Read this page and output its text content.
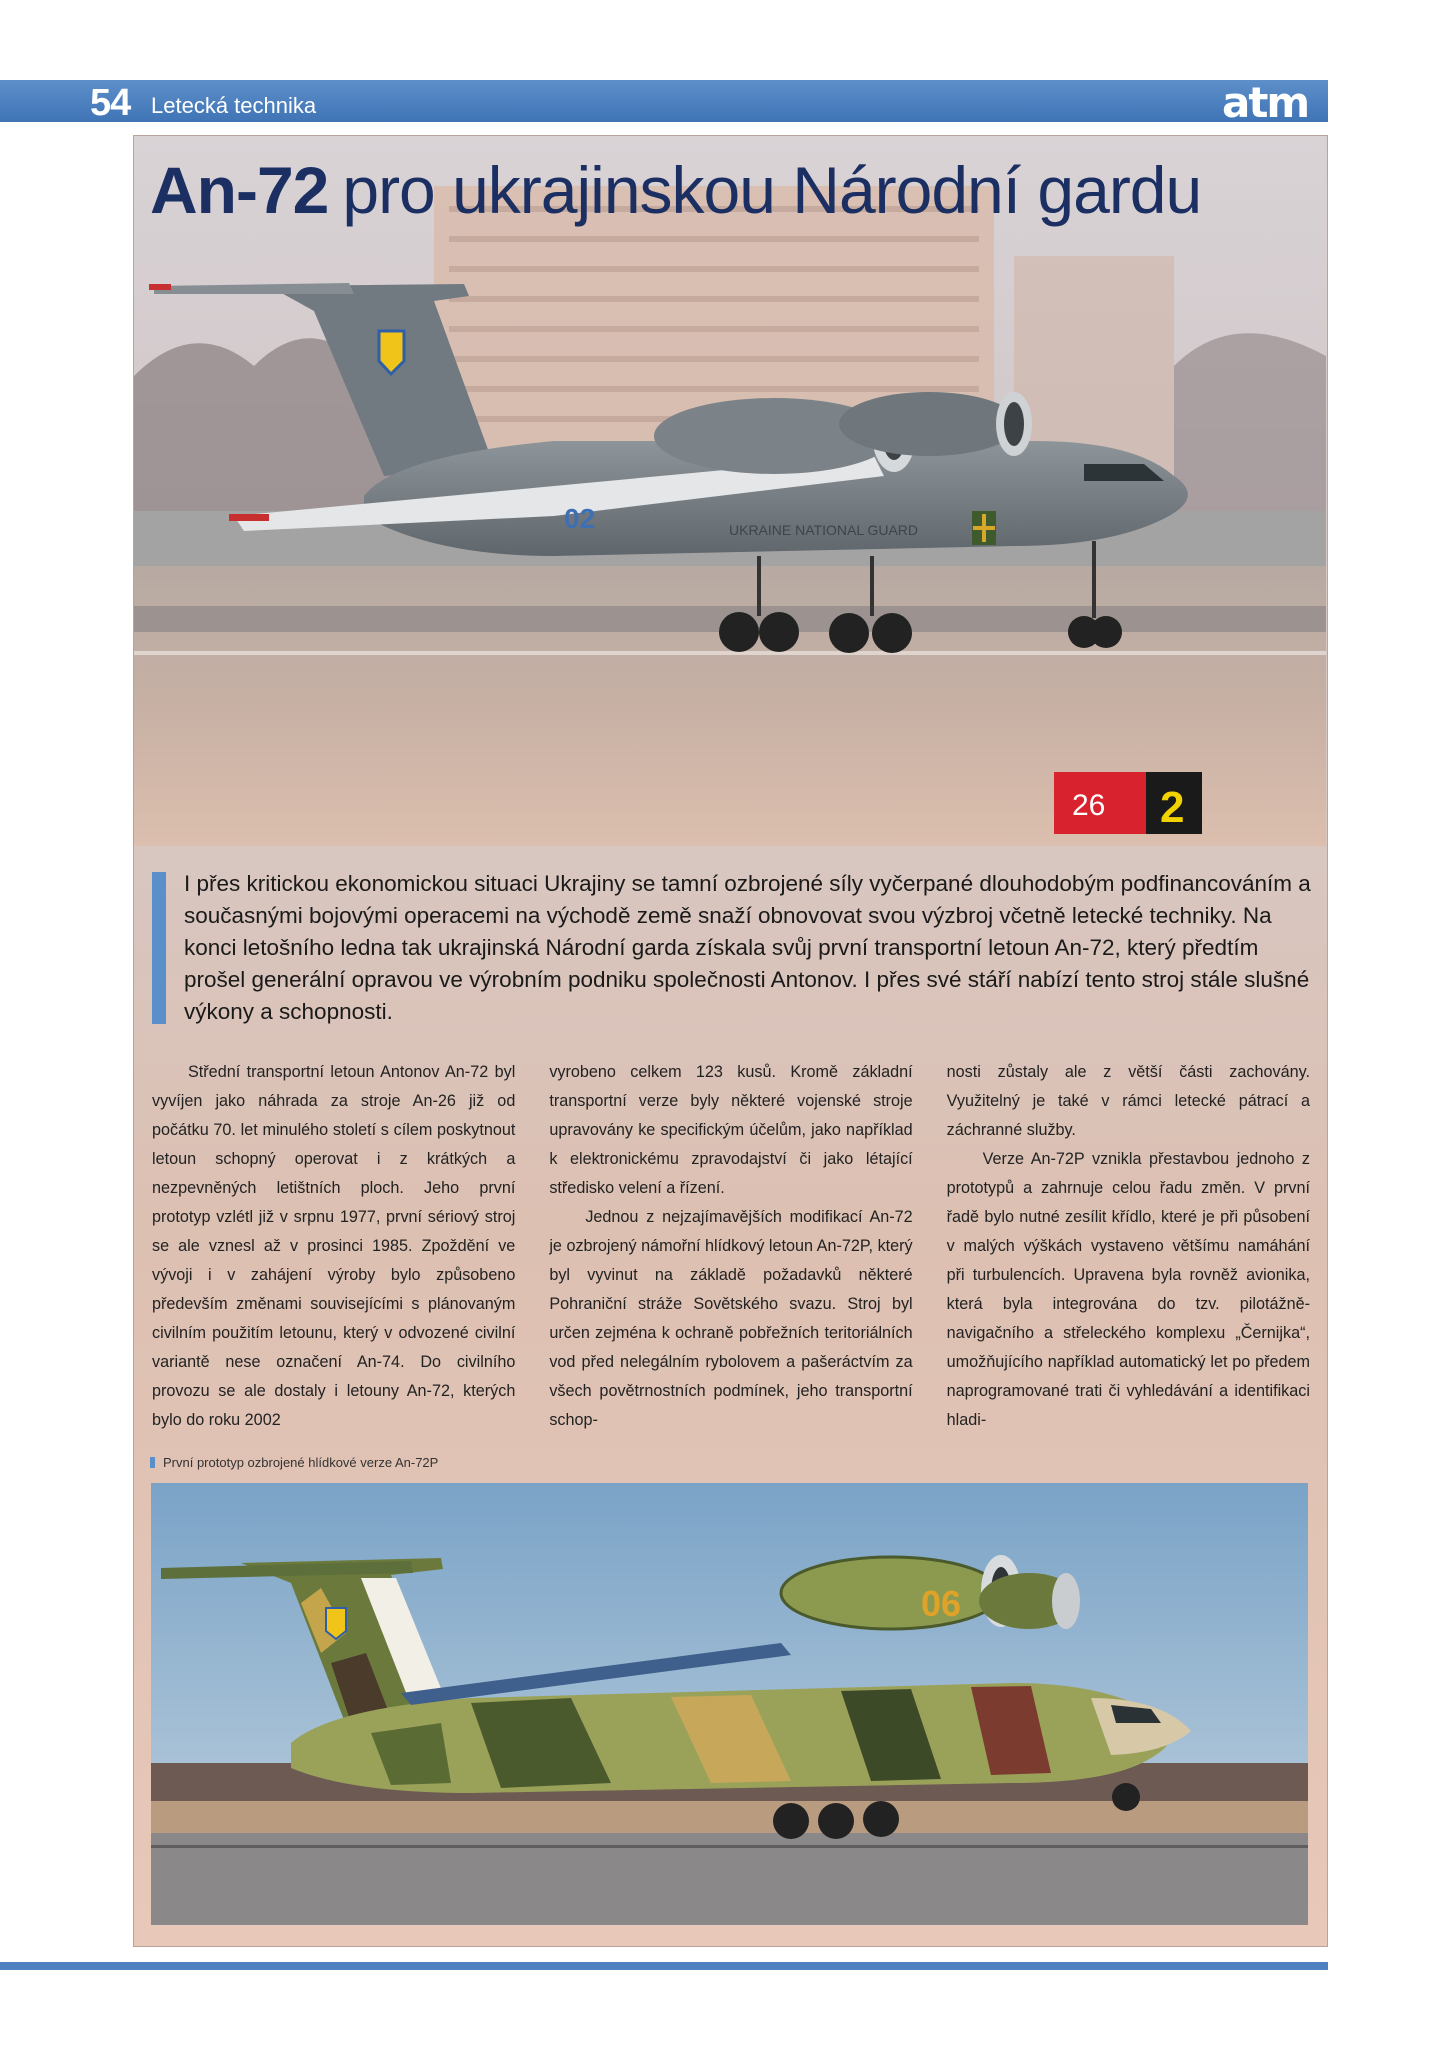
54 Letecká technika	atm
26 2
02	UKRAINE NATIONAL GUARD
An-72 pro ukrajinskou Národní gardu
I přes kritickou ekonomickou situaci Ukrajiny se tamní ozbrojené síly vyčerpané dlouhodobým podfinancováním a současnými bojovými operacemi na východě země snaží obnovovat svou výzbroj včetně letecké techniky. Na konci letošního ledna tak ukrajinská Národní garda získala svůj první transportní letoun An-72, který předtím prošel generální opravou ve výrobním podniku společnosti Antonov. I přes své stáří nabízí tento stroj stále slušné výkony a schopnosti.

Střední transportní letoun Antonov An-72 byl vyvíjen jako náhrada za stroje An-26 již od počátku 70. let minulého století s cílem poskytnout letoun schopný operovat i z krátkých a nezpevněných letištních ploch. Jeho první prototyp vzlétl již v srpnu 1977, první sériový stroj se ale vznesl až v prosinci 1985. Zpoždění ve vývoji i v zahájení výroby bylo způsobeno především změnami souvisejícími s plánovaným civilním použitím letounu, který v odvozené civilní variantě nese označení An-74. Do civilního provozu se ale dostaly i letouny An-72, kterých bylo do roku 2002

vyrobeno celkem 123 kusů. Kromě základní transportní verze byly některé vojenské stroje upravovány ke specifickým účelům, jako například k elektronickému zpravodajství či jako létající středisko velení a řízení.

Jednou z nejzajímavějších modifikací An-72 je ozbrojený námořní hlídkový letoun An-72P, který byl vyvinut na základě požadavků některé Pohraniční stráže Sovětského svazu. Stroj byl určen zejména k ochraně pobřežních teritoriálních vod před nelegálním rybolovem a pašeráctvím za všech povětrnostních podmínek, jeho transportní schop-

nosti zůstaly ale z větší části zachovány. Využitelný je také v rámci letecké pátrací a záchranné služby.

Verze An-72P vznikla přestavbou jednoho z prototypů a zahrnuje celou řadu změn. V první řadě bylo nutné zesílit křídlo, které je při působení v malých výškách vystaveno většímu namáhání při turbulencích. Upravena byla rovněž avionika, která byla integrována do tzv. pilotážně-navigačního a střeleckého komplexu „Černijka“, umožňujícího například automatický let po předem naprogramované trati či vyhledávání a identifikaci hladi-

První prototyp ozbrojené hlídkové verze An-72P
06
